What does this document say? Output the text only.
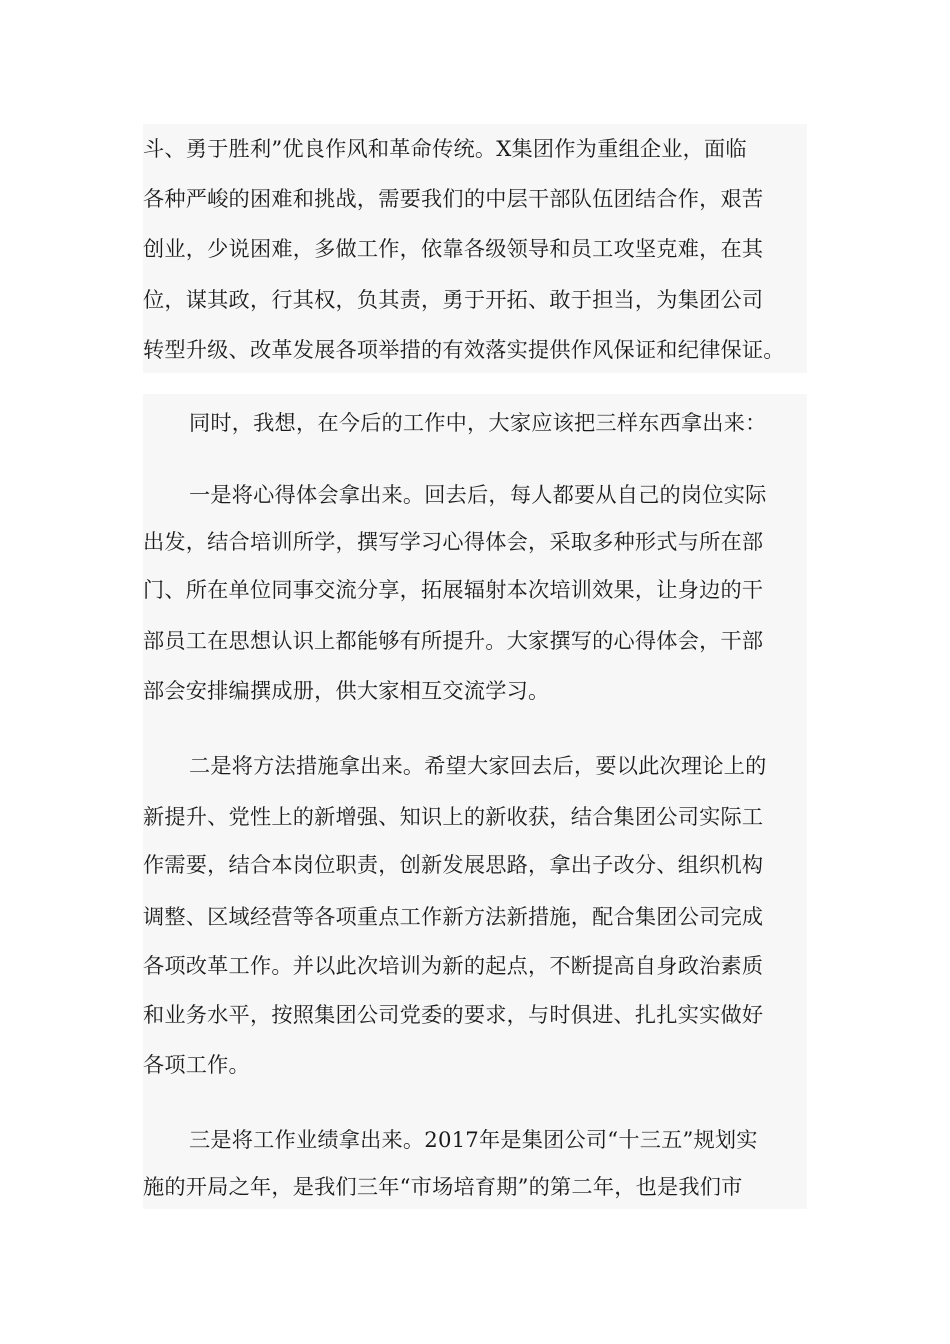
斗、勇于胜利”优良作风和革命传统。X集团作为重组企业，面临
各种严峻的困难和挑战，需要我们的中层干部队伍团结合作，艰苦
创业，少说困难，多做工作，依靠各级领导和员工攻坚克难，在其
位，谋其政，行其权，负其责，勇于开拓、敢于担当，为集团公司
转型升级、改革发展各项举措的有效落实提供作风保证和纪律保证。
同时，我想，在今后的工作中，大家应该把三样东西拿出来：
一是将心得体会拿出来。回去后，每人都要从自己的岗位实际
出发，结合培训所学，撰写学习心得体会，采取多种形式与所在部
门、所在单位同事交流分享，拓展辐射本次培训效果，让身边的干
部员工在思想认识上都能够有所提升。大家撰写的心得体会，干部
部会安排编撰成册，供大家相互交流学习。
二是将方法措施拿出来。希望大家回去后，要以此次理论上的
新提升、党性上的新增强、知识上的新收获，结合集团公司实际工
作需要，结合本岗位职责，创新发展思路，拿出子改分、组织机构
调整、区域经营等各项重点工作新方法新措施，配合集团公司完成
各项改革工作。并以此次培训为新的起点，不断提高自身政治素质
和业务水平，按照集团公司党委的要求，与时俱进、扎扎实实做好
各项工作。
三是将工作业绩拿出来。2017年是集团公司“十三五”规划实
施的开局之年，是我们三年“市场培育期”的第二年，也是我们市
